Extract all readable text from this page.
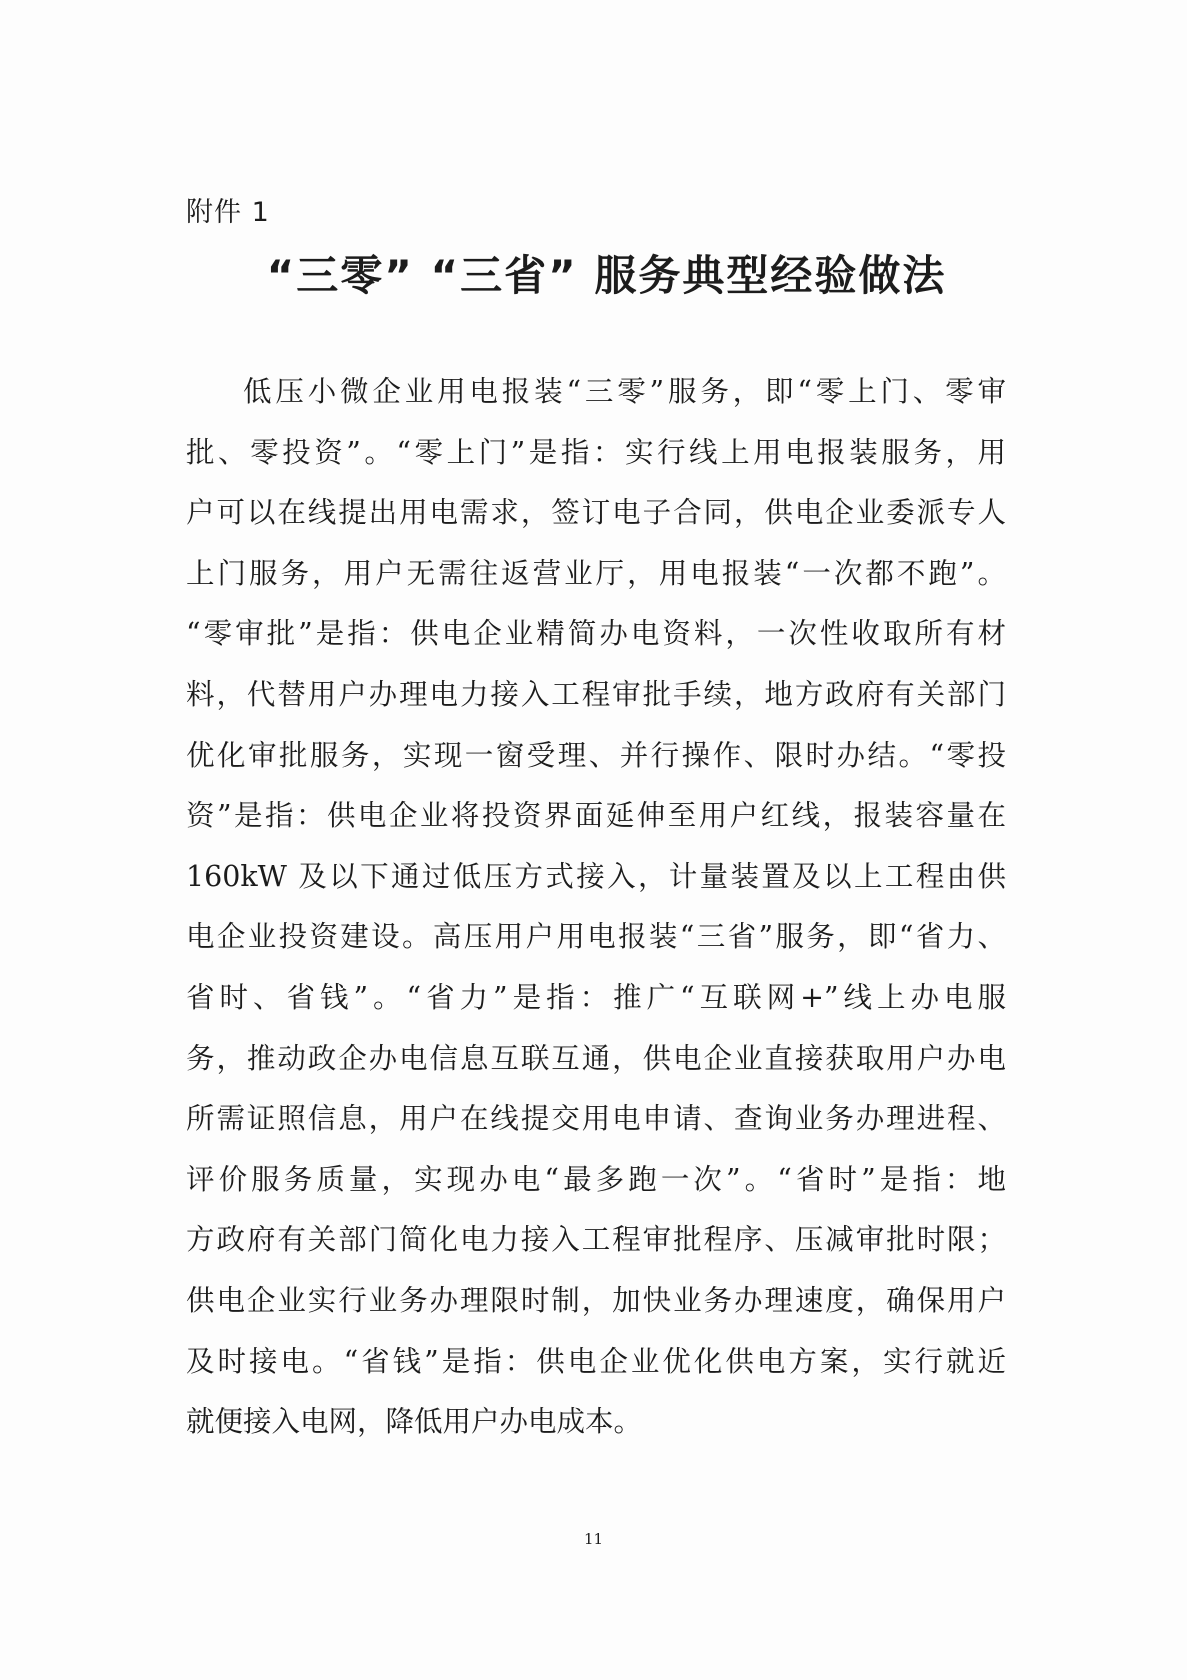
附件 1
“三零” “三省” 服务典型经验做法
低压小微企业用电报装“三零”服务，即“零上门、零审
批、零投资”。“零上门”是指：实行线上用电报装服务，用
户可以在线提出用电需求，签订电子合同，供电企业委派专人
上门服务，用户无需往返营业厅，用电报装“一次都不跑”。
“零审批”是指：供电企业精简办电资料，一次性收取所有材
料，代替用户办理电力接入工程审批手续，地方政府有关部门
优化审批服务，实现一窗受理、并行操作、限时办结。“零投
资”是指：供电企业将投资界面延伸至用户红线，报装容量在
160kW 及以下通过低压方式接入，计量装置及以上工程由供
电企业投资建设。高压用户用电报装“三省”服务，即“省力、
省时、省钱”。“省力”是指：推广“互联网+”线上办电服
务，推动政企办电信息互联互通，供电企业直接获取用户办电
所需证照信息，用户在线提交用电申请、查询业务办理进程、
评价服务质量，实现办电“最多跑一次”。“省时”是指：地
方政府有关部门简化电力接入工程审批程序、压减审批时限；
供电企业实行业务办理限时制，加快业务办理速度，确保用户
及时接电。“省钱”是指：供电企业优化供电方案，实行就近
就便接入电网，降低用户办电成本。
11
